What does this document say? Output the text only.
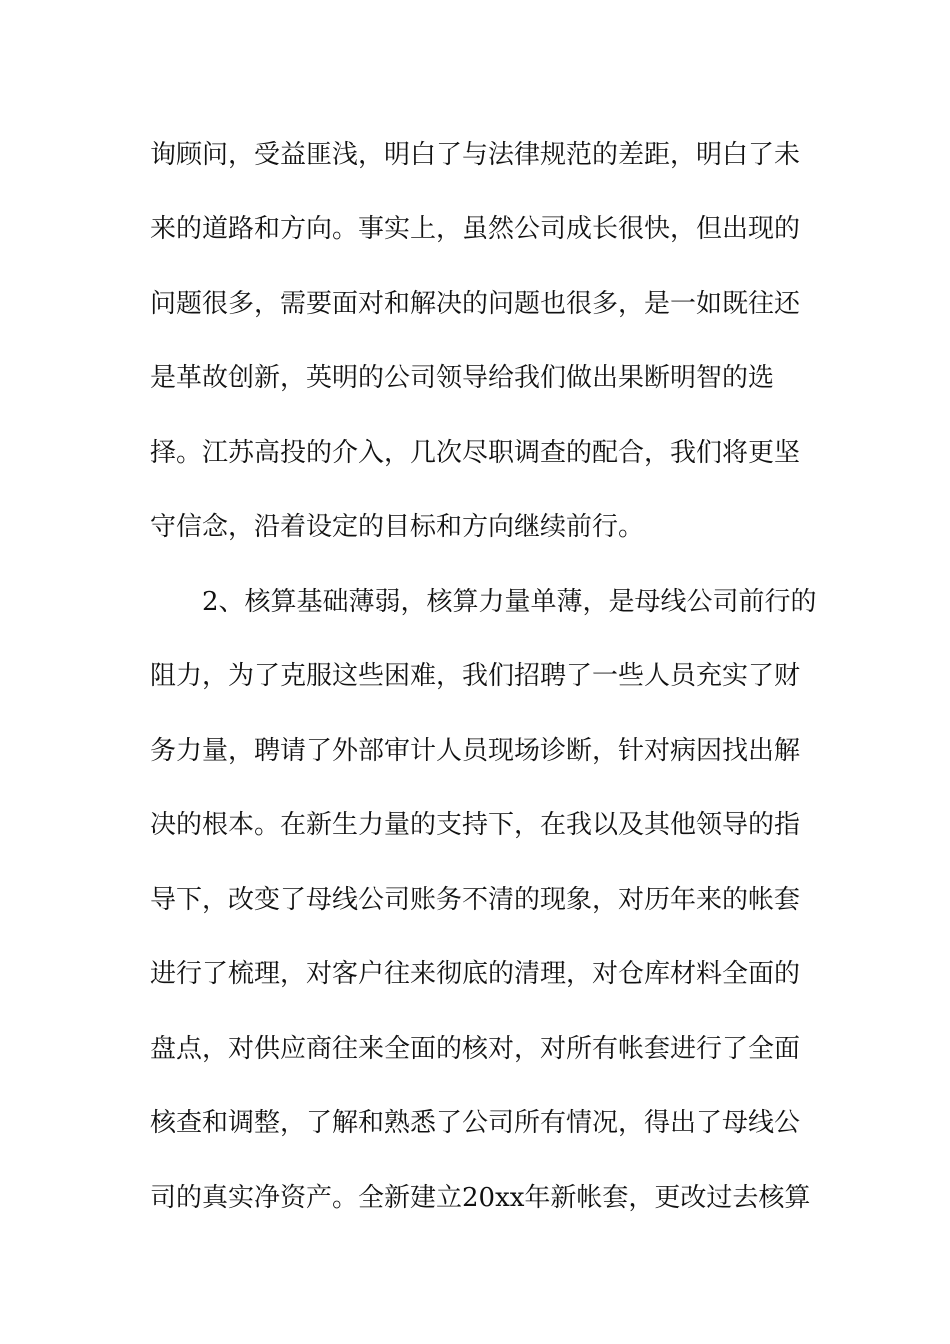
询顾问，受益匪浅，明白了与法律规范的差距，明白了未

来的道路和方向。事实上，虽然公司成长很快，但出现的

问题很多，需要面对和解决的问题也很多，是一如既往还

是革故创新，英明的公司领导给我们做出果断明智的选

择。江苏高投的介入，几次尽职调查的配合，我们将更坚

守信念，沿着设定的目标和方向继续前行。

2、核算基础薄弱，核算力量单薄，是母线公司前行的

阻力，为了克服这些困难，我们招聘了一些人员充实了财

务力量，聘请了外部审计人员现场诊断，针对病因找出解

决的根本。在新生力量的支持下，在我以及其他领导的指

导下，改变了母线公司账务不清的现象，对历年来的帐套

进行了梳理，对客户往来彻底的清理，对仓库材料全面的

盘点，对供应商往来全面的核对，对所有帐套进行了全面

核查和调整，了解和熟悉了公司所有情况，得出了母线公

司的真实净资产。全新建立20xx年新帐套，更改过去核算
